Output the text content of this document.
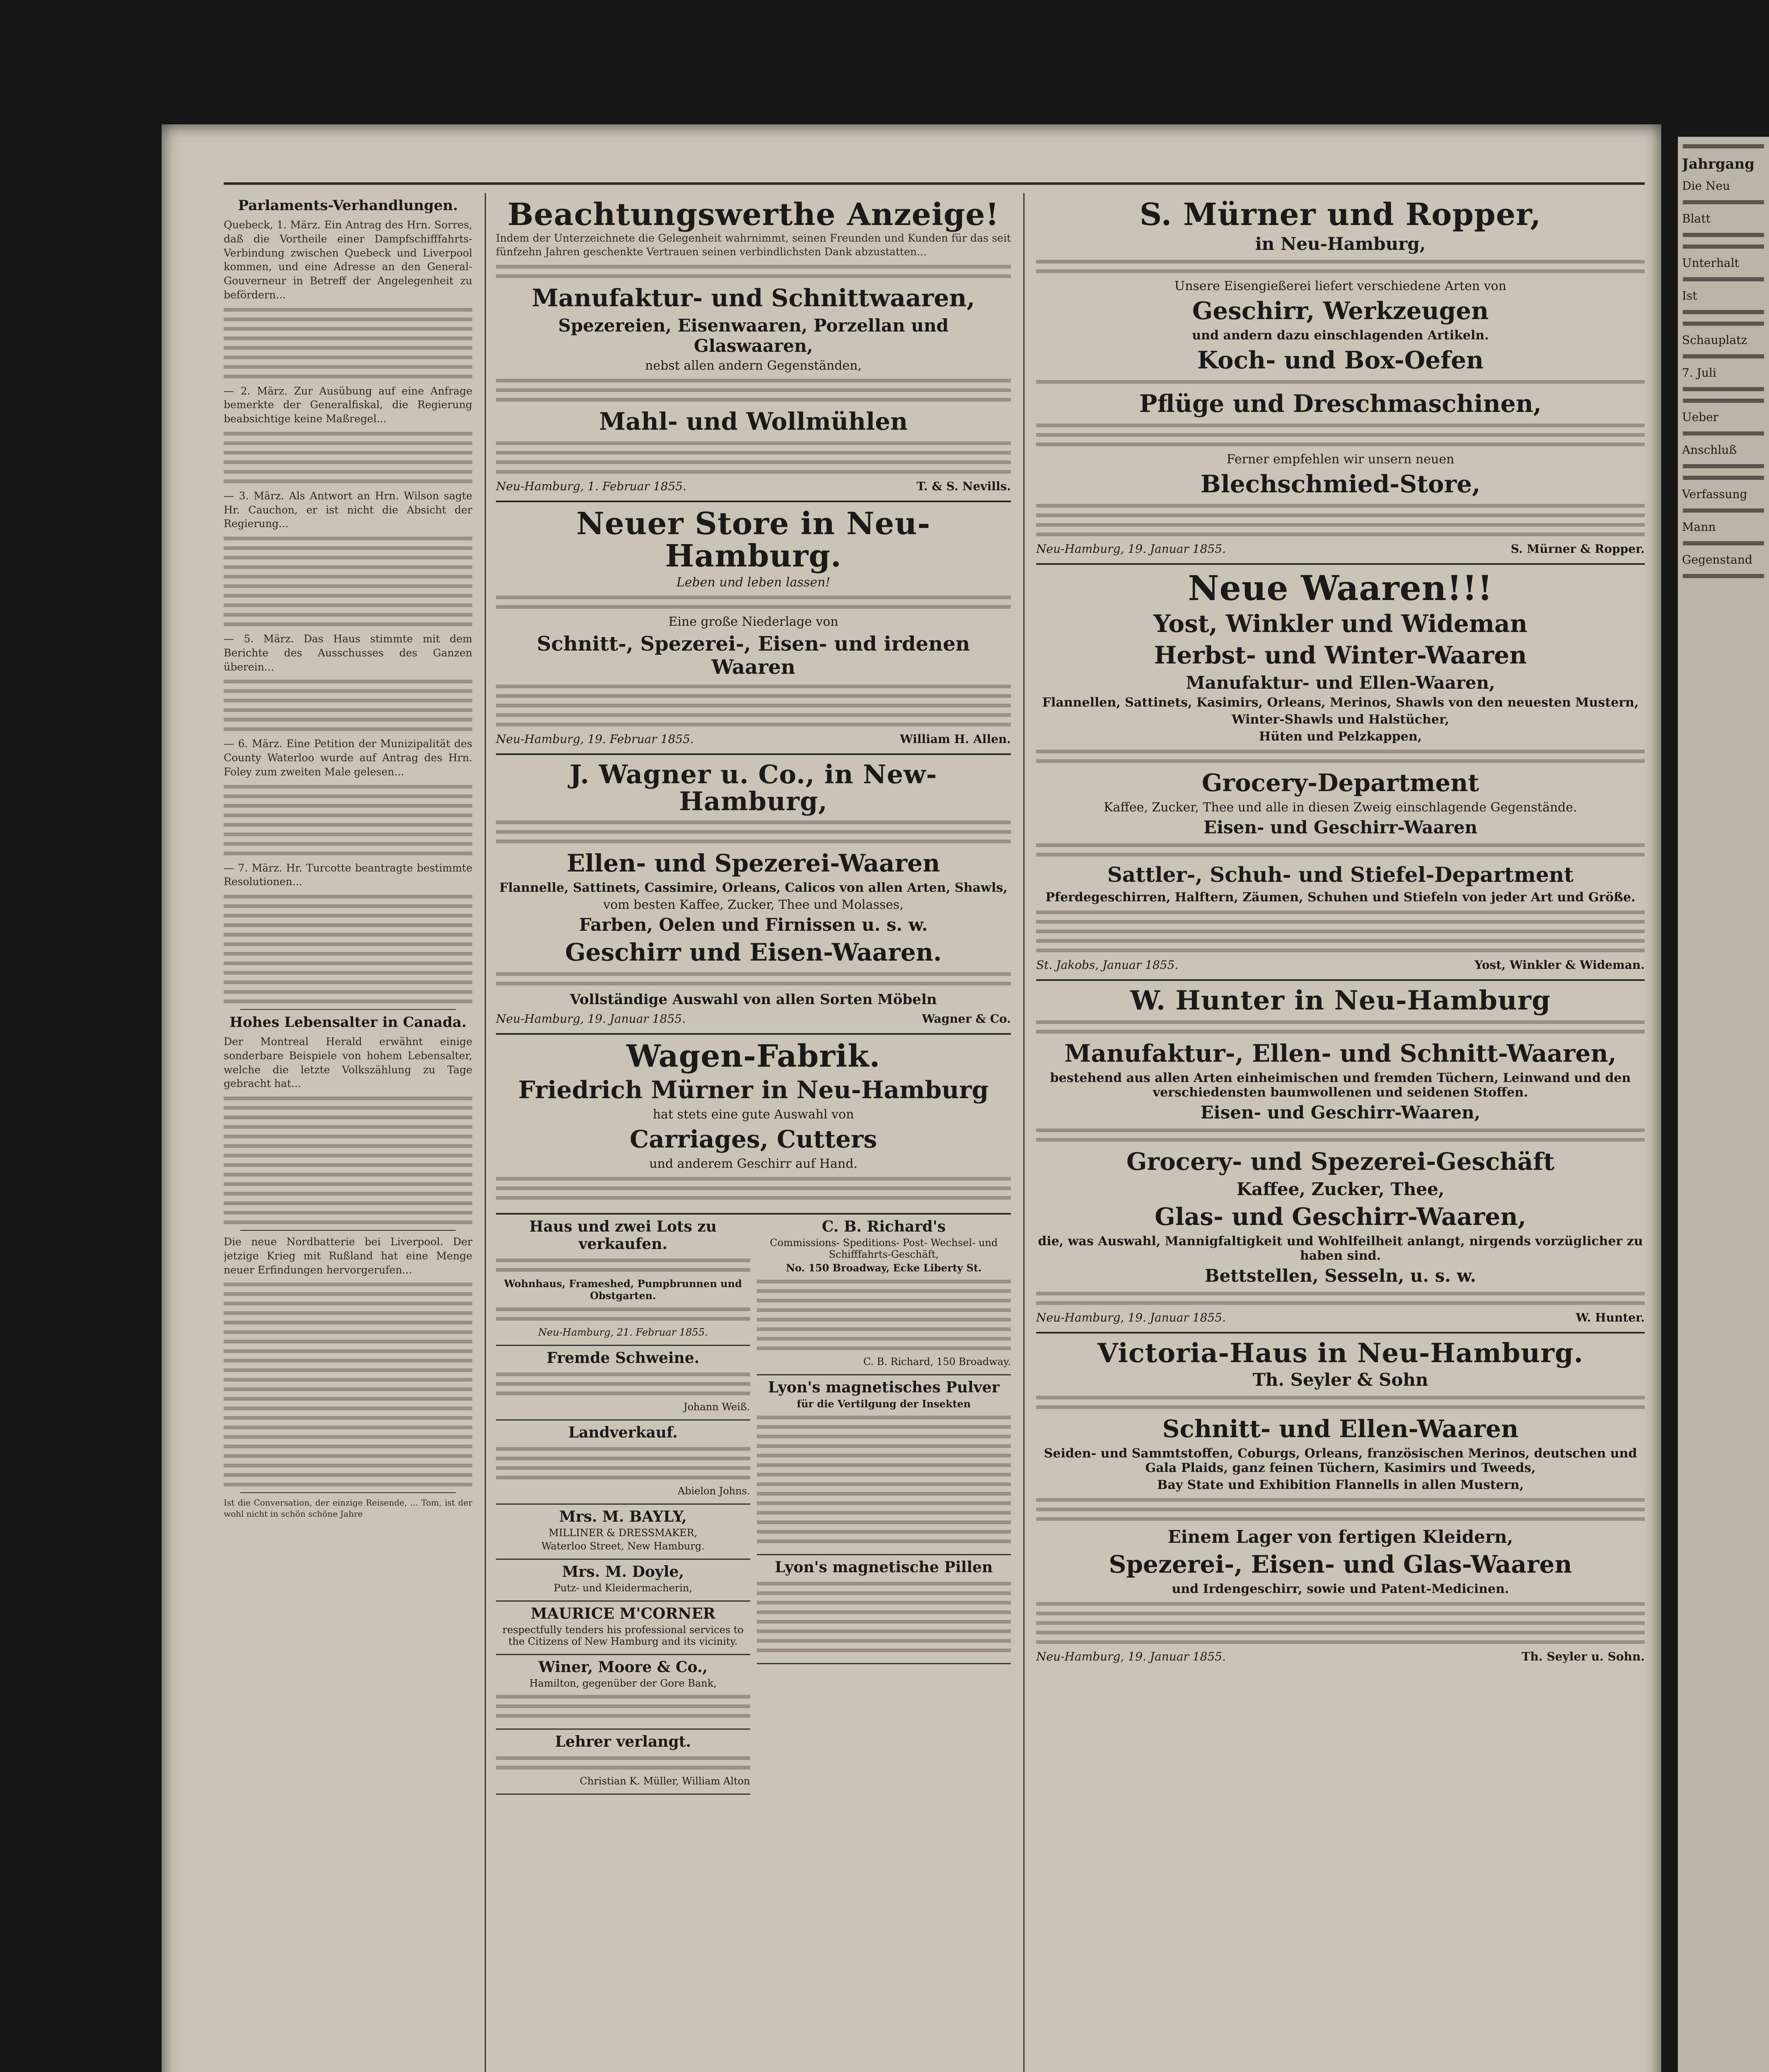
Parlaments-Verhandlungen.
Quebeck, 1. März. Ein Antrag des Hrn. Sorres, daß die Vortheile einer Dampfschifffahrts-Verbindung zwischen Quebeck und Liverpool kommen, und eine Adresse an den General-Gouverneur in Betreff der Angelegenheit zu befördern...
— 2. März. Zur Ausübung auf eine Anfrage bemerkte der Generalfiskal, die Regierung beabsichtige keine Maßregel...
— 3. März. Als Antwort an Hrn. Wilson sagte Hr. Cauchon, er ist nicht die Absicht der Regierung...
— 5. März. Das Haus stimmte mit dem Berichte des Ausschusses des Ganzen überein...
— 6. März. Eine Petition der Munizipalität des County Waterloo wurde auf Antrag des Hrn. Foley zum zweiten Male gelesen...
— 7. März. Hr. Turcotte beantragte bestimmte Resolutionen...
Hohes Lebensalter in Canada.
Der Montreal Herald erwähnt einige sonderbare Beispiele von hohem Lebensalter, welche die letzte Volkszählung zu Tage gebracht hat...
Die neue Nordbatterie bei Liverpool. Der jetzige Krieg mit Rußland hat eine Menge neuer Erfindungen hervorgerufen...
Ist die Conversation, der einzige Reisende, ... Tom, ist der wohl nicht in schön schöne Jahre
Beachtungswerthe Anzeige!
Indem der Unterzeichnete die Gelegenheit wahrnimmt, seinen Freunden und Kunden für das seit fünfzehn Jahren geschenkte Vertrauen seinen verbindlichsten Dank abzustatten...
Manufaktur- und Schnittwaaren,
Spezereien, Eisenwaaren, Porzellan und Glaswaaren,
nebst allen andern Gegenständen,
Mahl- und Wollmühlen
Neu-Hamburg, 1. Februar 1855.	T. & S. Nevills.
Neuer Store in Neu-Hamburg.
Leben und leben lassen!
Eine große Niederlage von
Schnitt-, Spezerei-, Eisen- und irdenen Waaren
Neu-Hamburg, 19. Februar 1855.	William H. Allen.
J. Wagner u. Co., in New-Hamburg,
Ellen- und Spezerei-Waaren
Flannelle, Sattinets, Cassimire, Orleans, Calicos von allen Arten, Shawls,
vom besten Kaffee, Zucker, Thee und Molasses,
Farben, Oelen und Firnissen u. s. w.
Geschirr und Eisen-Waaren.
Vollständige Auswahl von allen Sorten Möbeln
Neu-Hamburg, 19. Januar 1855.	Wagner & Co.
Wagen-Fabrik.
Friedrich Mürner in Neu-Hamburg
hat stets eine gute Auswahl von
Carriages, Cutters
und anderem Geschirr auf Hand.
Haus und zwei Lots zu verkaufen.
Wohnhaus, Frameshed, Pumpbrunnen und Obstgarten.
Neu-Hamburg, 21. Februar 1855.
Fremde Schweine.
Johann Weiß.
Landverkauf.
Abielon Johns.
Mrs. M. BAYLY,
MILLINER & DRESSMAKER,
Waterloo Street, New Hamburg.
Mrs. M. Doyle,
Putz- und Kleidermacherin,
MAURICE M'CORNER
respectfully tenders his professional services to the Citizens of New Hamburg and its vicinity.
Winer, Moore & Co.,
Hamilton, gegenüber der Gore Bank,
Lehrer verlangt.
Christian K. Müller, William Alton
C. B. Richard's
Commissions- Speditions- Post- Wechsel- und Schifffahrts-Geschäft,
No. 150 Broadway, Ecke Liberty St.
C. B. Richard, 150 Broadway.
Lyon's magnetisches Pulver
für die Vertilgung der Insekten
Lyon's magnetische Pillen
S. Mürner und Ropper,
in Neu-Hamburg,
Unsere Eisengießerei liefert verschiedene Arten von
Geschirr, Werkzeugen
und andern dazu einschlagenden Artikeln.
Koch- und Box-Oefen
Pflüge und Dreschmaschinen,
Ferner empfehlen wir unsern neuen
Blechschmied-Store,
Neu-Hamburg, 19. Januar 1855.	S. Mürner & Ropper.
Neue Waaren!!!
Yost, Winkler und Wideman
Herbst- und Winter-Waaren
Manufaktur- und Ellen-Waaren,
Flannellen, Sattinets, Kasimirs, Orleans, Merinos, Shawls von den neuesten Mustern,
Winter-Shawls und Halstücher,
Hüten und Pelzkappen,
Grocery-Department
Kaffee, Zucker, Thee und alle in diesen Zweig einschlagende Gegenstände.
Eisen- und Geschirr-Waaren
Sattler-, Schuh- und Stiefel-Department
Pferdegeschirren, Halftern, Zäumen, Schuhen und Stiefeln von jeder Art und Größe.
St. Jakobs, Januar 1855.	Yost, Winkler & Wideman.
W. Hunter in Neu-Hamburg
Manufaktur-, Ellen- und Schnitt-Waaren,
bestehend aus allen Arten einheimischen und fremden Tüchern, Leinwand und den verschiedensten baumwollenen und seidenen Stoffen.
Eisen- und Geschirr-Waaren,
Grocery- und Spezerei-Geschäft
Kaffee, Zucker, Thee,
Glas- und Geschirr-Waaren,
die, was Auswahl, Mannigfaltigkeit und Wohlfeilheit anlangt, nirgends vorzüglicher zu haben sind.
Bettstellen, Sesseln, u. s. w.
Neu-Hamburg, 19. Januar 1855.	W. Hunter.
Victoria-Haus in Neu-Hamburg.
Th. Seyler & Sohn
Schnitt- und Ellen-Waaren
Seiden- und Sammtstoffen, Coburgs, Orleans, französischen Merinos, deutschen und Gala Plaids, ganz feinen Tüchern, Kasimirs und Tweeds,
Bay State und Exhibition Flannells in allen Mustern,
Einem Lager von fertigen Kleidern,
Spezerei-, Eisen- und Glas-Waaren
und Irdengeschirr, sowie und Patent-Medicinen.
Neu-Hamburg, 19. Januar 1855.	Th. Seyler u. Sohn.
Jahrgang
Die Neu
Blatt
Unterhalt
Ist
Schauplatz
7. Juli
Ueber
Anschluß
Verfassung
Mann
Gegenstand
